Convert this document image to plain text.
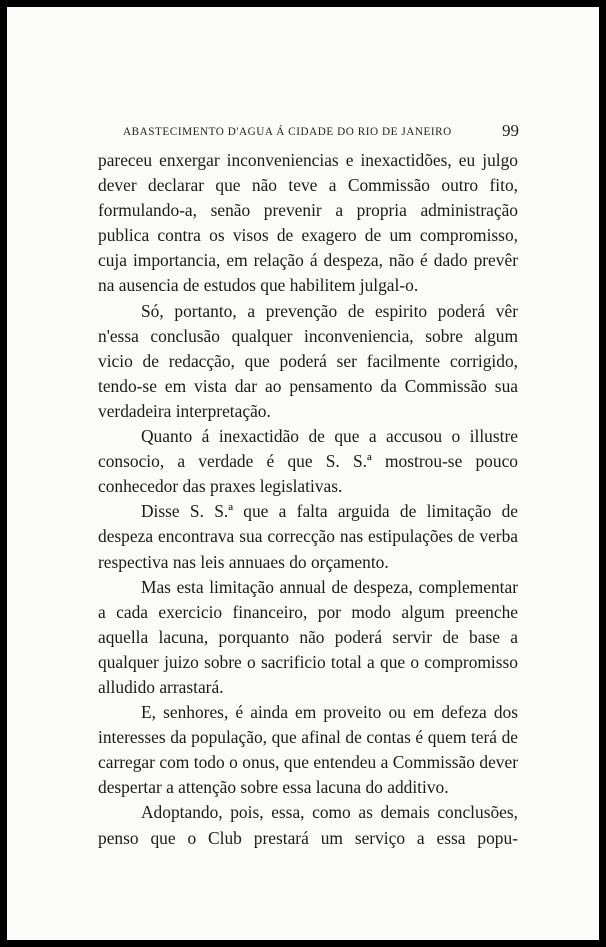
ABASTECIMENTO D'AGUA Á CIDADE DO RIO DE JANEIRO	99

pareceu enxergar inconveniencias e inexactidões, eu julgo dever declarar que não teve a Commissão outro fito, formulando-a, senão prevenir a propria administração publica contra os visos de exagero de um compromisso, cuja importancia, em relação á despeza, não é dado prevêr na ausencia de estudos que habilitem julgal-o.

Só, portanto, a prevenção de espirito poderá vêr n'essa conclusão qualquer inconveniencia, sobre algum vicio de redacção, que poderá ser facilmente corrigido, tendo-se em vista dar ao pensamento da Commissão sua verdadeira interpretação.

Quanto á inexactidão de que a accusou o illustre consocio, a verdade é que S. S.ª mostrou-se pouco conhecedor das praxes legislativas.

Disse S. S.ª que a falta arguida de limitação de despeza encontrava sua correcção nas estipulações de verba respectiva nas leis annuaes do orçamento.

Mas esta limitação annual de despeza, complementar a cada exercicio financeiro, por modo algum preenche aquella lacuna, porquanto não poderá servir de base a qualquer juizo sobre o sacrificio total a que o compromisso alludido arrastará.

E, senhores, é ainda em proveito ou em defeza dos interesses da população, que afinal de contas é quem terá de carregar com todo o onus, que entendeu a Commissão dever despertar a attenção sobre essa lacuna do additivo.

Adoptando, pois, essa, como as demais conclusões, penso que o Club prestará um serviço a essa popu-
